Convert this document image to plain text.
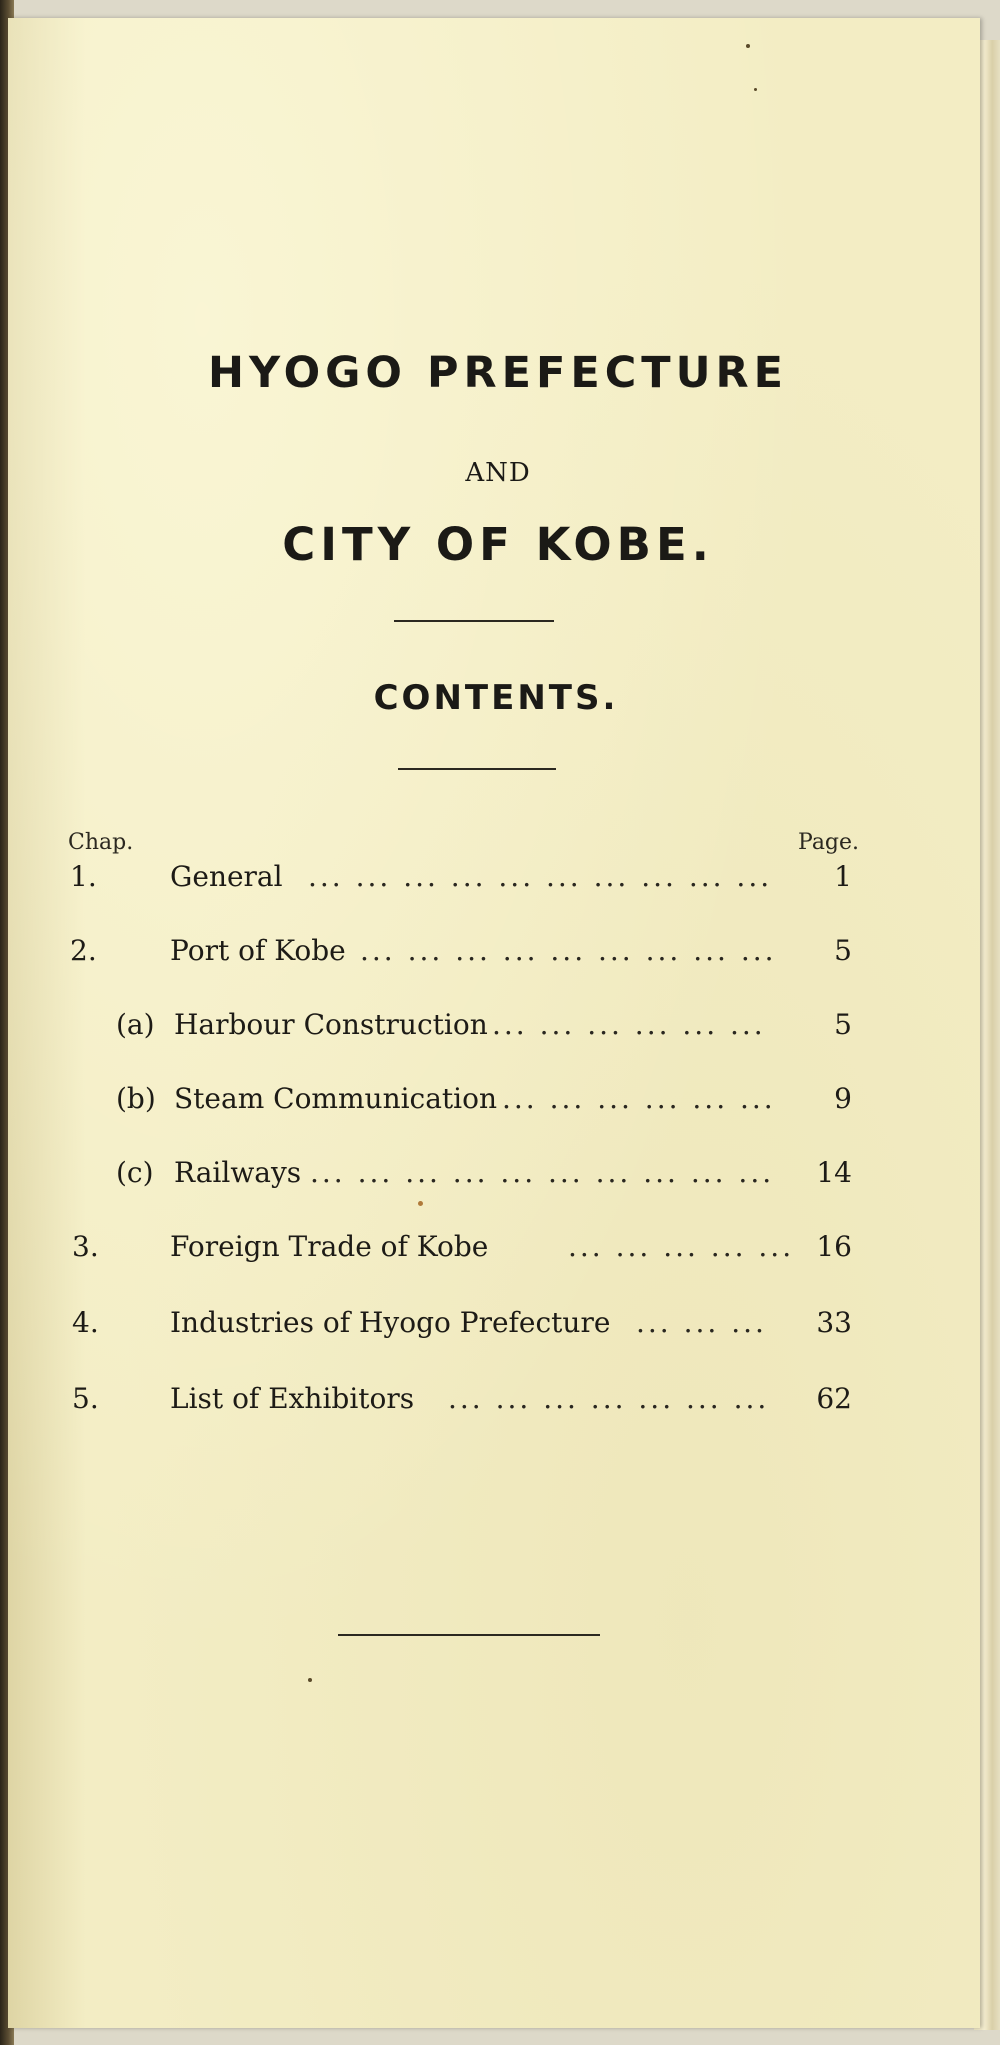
HYOGO PREFECTURE
AND
CITY OF KOBE.
CONTENTS.
Chap.	Page.
1.	General ... ... ... ... ... ... ... ... ... ...	1
2.	Port of Kobe ... ... ... ... ... ... ... ... ...	5
(a) Harbour Construction ... ... ... ... ... ...	5
(b) Steam Communication ... ... ... ... ... ...	9
(c) Railways ... ... ... ... ... ... ... ... ... ...	14
3.	Foreign Trade of Kobe	... ... ... ... ... 16
4.	Industries of Hyogo Prefecture ... ... ...	33
5.	List of Exhibitors ... ... ... ... ... ... ...	62
